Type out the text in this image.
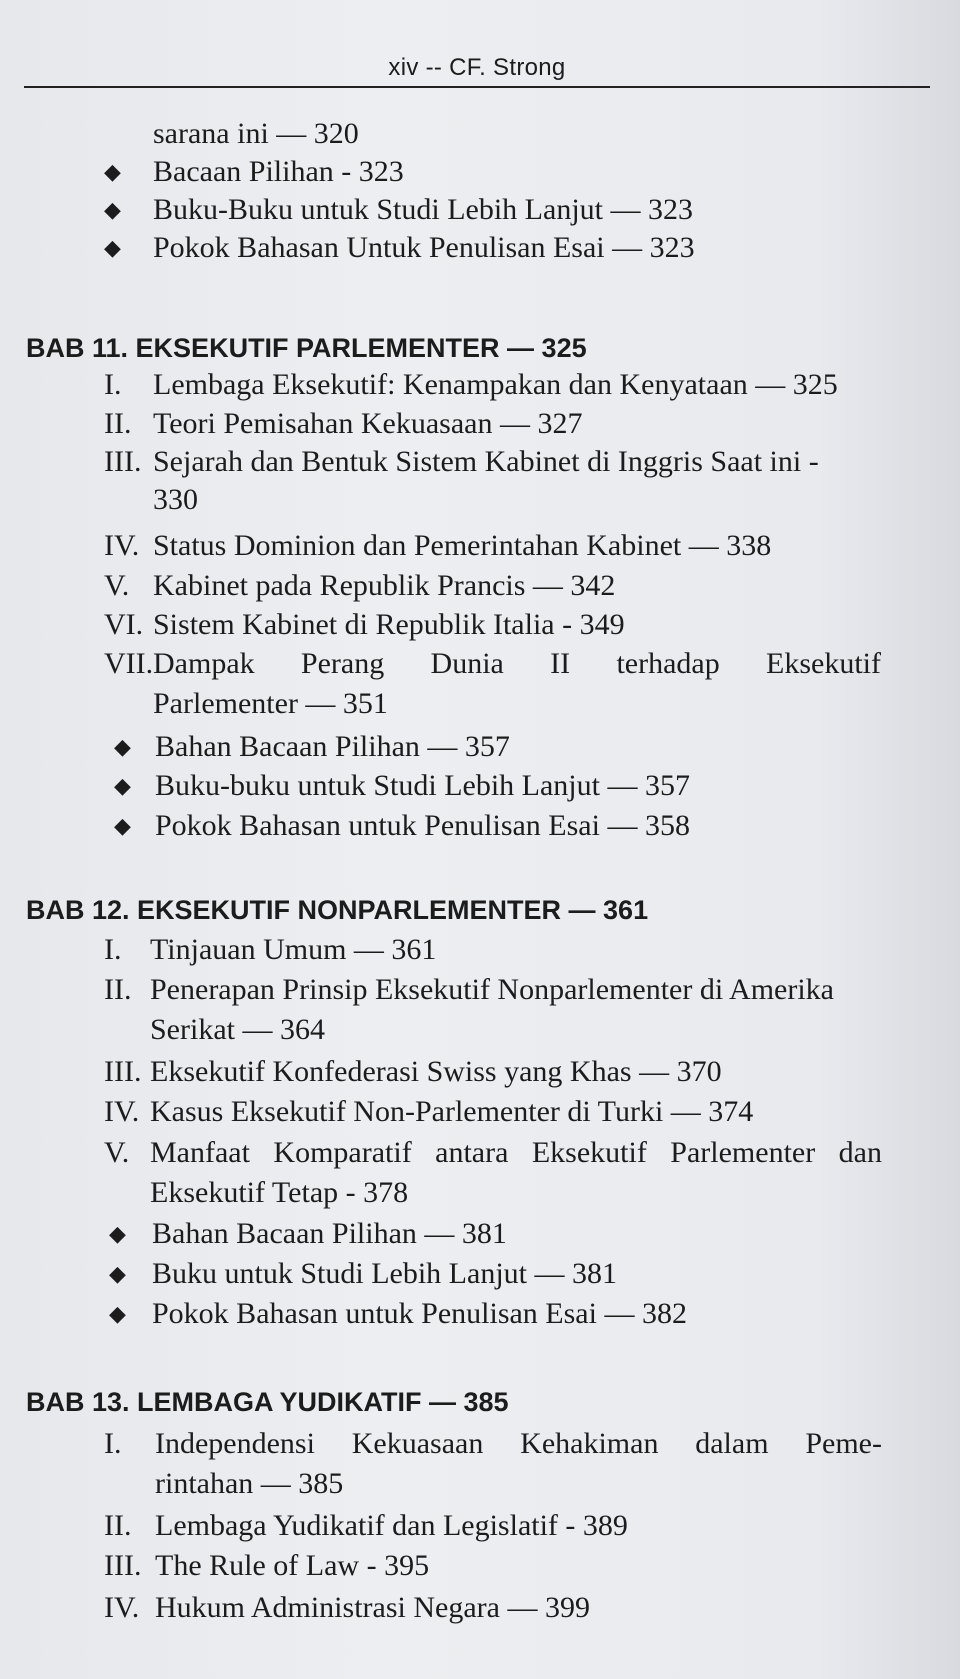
xiv -- CF. Strong
sarana ini — 320
◆ Bacaan Pilihan - 323
◆ Buku-Buku untuk Studi Lebih Lanjut — 323
◆ Pokok Bahasan Untuk Penulisan Esai — 323
BAB 11. EKSEKUTIF PARLEMENTER — 325
I. Lembaga Eksekutif: Kenampakan dan Kenyataan — 325
II. Teori Pemisahan Kekuasaan — 327
III. Sejarah dan Bentuk Sistem Kabinet di Inggris Saat ini -
330
IV. Status Dominion dan Pemerintahan Kabinet — 338
V. Kabinet pada Republik Prancis — 342
VI. Sistem Kabinet di Republik Italia - 349
VII. Dampak Perang Dunia II terhadap Eksekutif
Parlementer — 351
◆ Bahan Bacaan Pilihan — 357
◆ Buku-buku untuk Studi Lebih Lanjut — 357
◆ Pokok Bahasan untuk Penulisan Esai — 358
BAB 12. EKSEKUTIF NONPARLEMENTER — 361
I. Tinjauan Umum — 361
II. Penerapan Prinsip Eksekutif Nonparlementer di Amerika
Serikat — 364
III. Eksekutif Konfederasi Swiss yang Khas — 370
IV. Kasus Eksekutif Non-Parlementer di Turki — 374
V. Manfaat Komparatif antara Eksekutif Parlementer dan
Eksekutif Tetap - 378
◆ Bahan Bacaan Pilihan — 381
◆ Buku untuk Studi Lebih Lanjut — 381
◆ Pokok Bahasan untuk Penulisan Esai — 382
BAB 13. LEMBAGA YUDIKATIF — 385
I. Independensi Kekuasaan Kehakiman dalam Peme-
rintahan — 385
II. Lembaga Yudikatif dan Legislatif - 389
III. The Rule of Law - 395
IV. Hukum Administrasi Negara — 399
